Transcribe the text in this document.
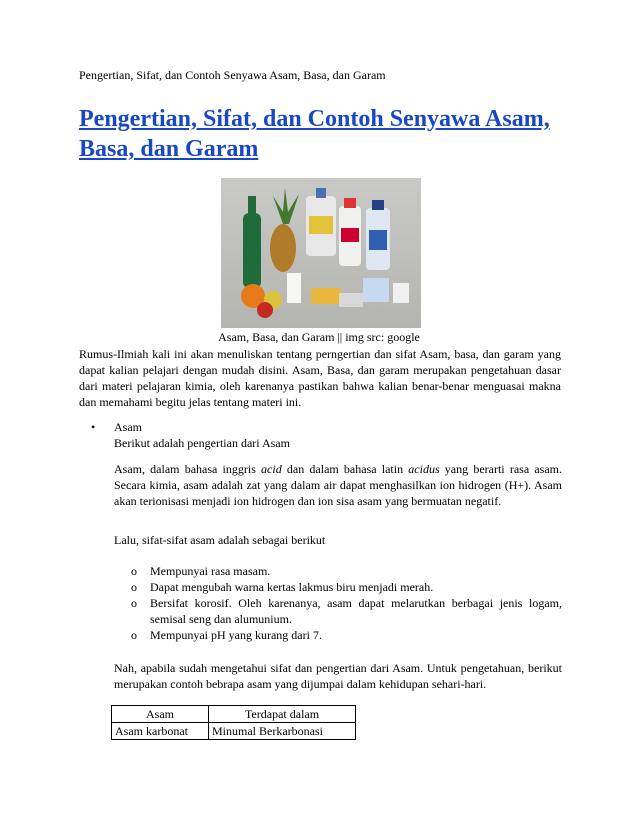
Pengertian, Sifat, dan Contoh Senyawa Asam, Basa, dan Garam
Pengertian, Sifat, dan Contoh Senyawa Asam, Basa, dan Garam
Asam, Basa, dan Garam || img src: google
Rumus-Ilmiah kali ini akan menuliskan tentang perngertian dan sifat Asam, basa, dan garam yang dapat kalian pelajari dengan mudah disini. Asam, Basa, dan garam merupakan pengetahuan dasar dari materi pelajaran kimia, oleh karenanya pastikan bahwa kalian benar-benar menguasai makna dan memahami begitu jelas tentang materi ini.
• Asam
Berikut adalah pengertian dari Asam
Asam, dalam bahasa inggris acid dan dalam bahasa latin acidus yang berarti rasa asam. Secara kimia, asam adalah zat yang dalam air dapat menghasilkan ion hidrogen (H+). Asam akan terionisasi menjadi ion hidrogen dan ion sisa asam yang bermuatan negatif.
Lalu, sifat-sifat asam adalah sebagai berikut
o	Mempunyai rasa masam.
o	Dapat mengubah warna kertas lakmus biru menjadi merah.
o	Bersifat korosif. Oleh karenanya, asam dapat melarutkan berbagai jenis logam, semisal seng dan alumunium.
o	Mempunyai pH yang kurang dari 7.
Nah, apabila sudah mengetahui sifat dan pengertian dari Asam. Untuk pengetahuan, berikut merupakan contoh bebrapa asam yang dijumpai dalam kehidupan sehari-hari.
Asam	Terdapat dalam
Asam karbonat	Minumal Berkarbonasi
